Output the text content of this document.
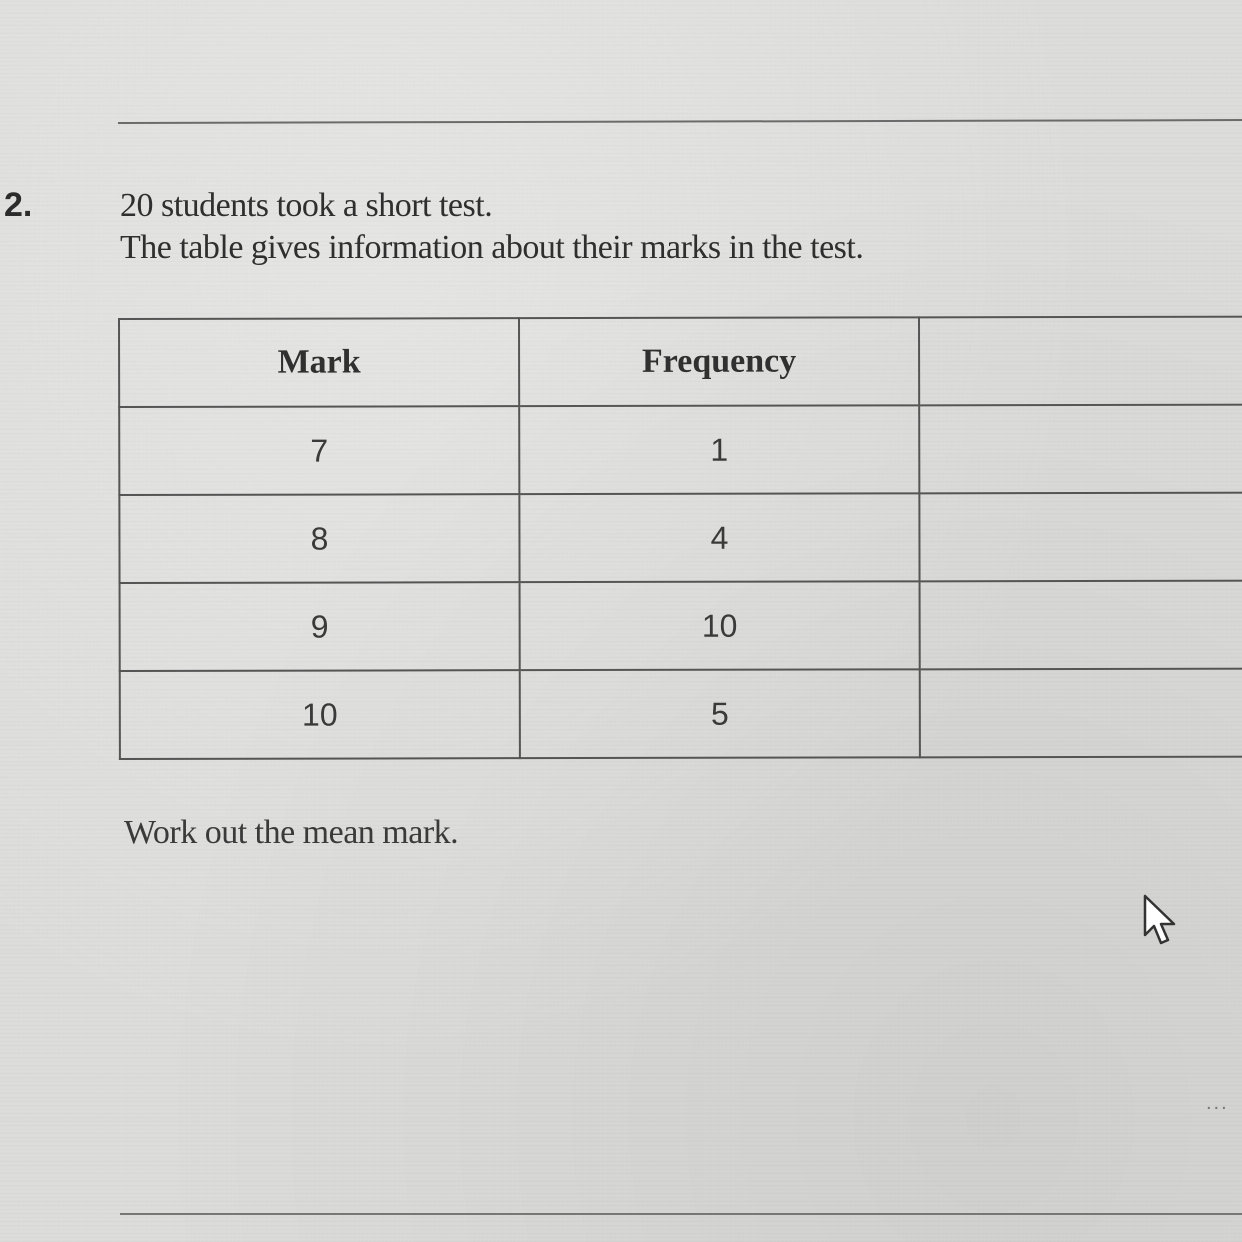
2.	20 students took a short test.
The table gives information about their marks in the test.
Mark	Frequency	
7	1	
8	4	
9	10	
10	5	
Work out the mean mark.
...
